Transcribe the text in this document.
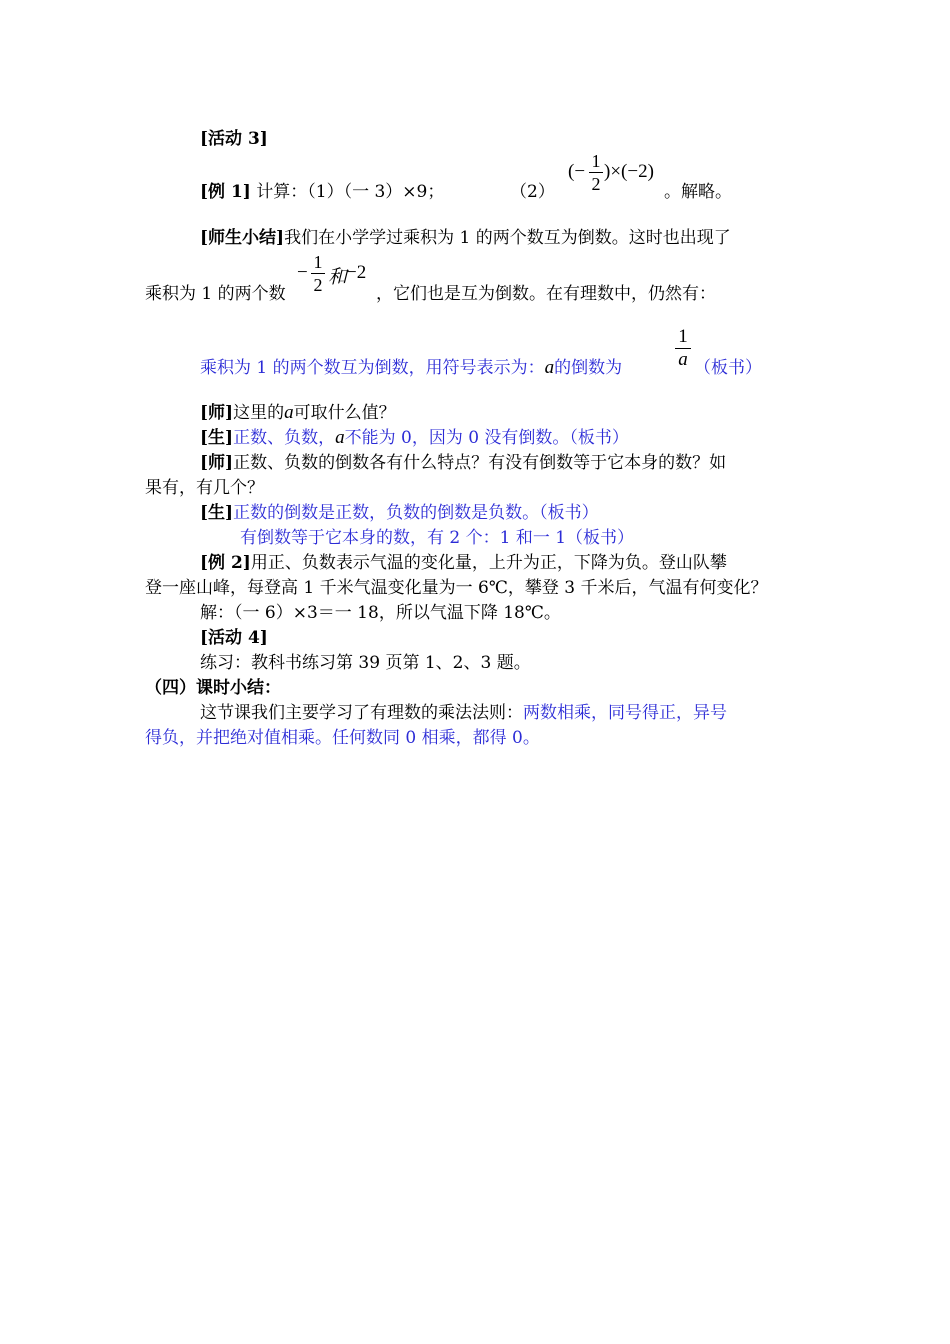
[活动 3]
[例 1] 计算：（1）（一 3）×9；	（2）
(− 1
2
)×(−2)
。解略。
[师生小结]我们在小学学过乘积为 1 的两个数互为倒数。这时也出现了
乘积为 1 的两个数
− 1
2 和
−2
，它们也是互为倒数。在有理数中，仍然有：
乘积为 1 的两个数互为倒数，用符号表示为：a的倒数为
1
a （板书）
[师]这里的a可取什么值？
[生]正数、负数，a不能为 0，因为 0 没有倒数。（板书）
[师]正数、负数的倒数各有什么特点？有没有倒数等于它本身的数？如
果有，有几个？
[生]正数的倒数是正数，负数的倒数是负数。（板书）
有倒数等于它本身的数，有 2 个：1 和一 1（板书）
[例 2]用正、负数表示气温的变化量，上升为正，下降为负。登山队攀
登一座山峰，每登高 1 千米气温变化量为一 6℃，攀登 3 千米后，气温有何变化？
解：（一 6）×3＝一 18，所以气温下降 18℃。
[活动 4]
练习：教科书练习第 39 页第 1、2、3 题。
（四）课时小结：
这节课我们主要学习了有理数的乘法法则：两数相乘，同号得正，异号
得负，并把绝对值相乘。任何数同 0 相乘，都得 0。
